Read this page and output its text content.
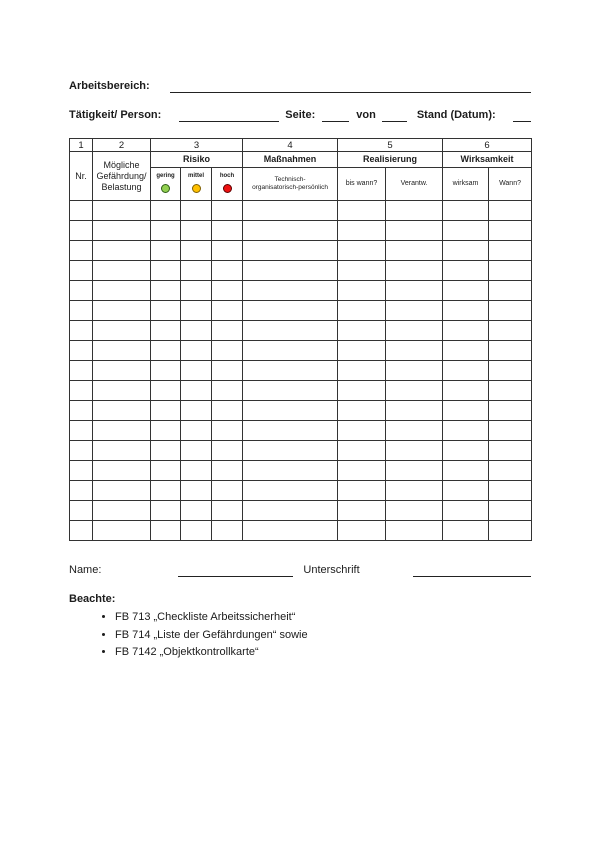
Arbeitsbereich:
Tätigkeit/ Person:	Seite:	von	Stand (Datum):
1	2	3			4	5		6	
Nr.	Mögliche Gefährdung/ Belastung	Risiko			Maßnahmen	Realisierung		Wirksamkeit	

		gering	mittel	hoch	Technisch-
organisatorisch-persönlich	bis wann?	Verantw.	wirksam	Wann?

Name:	Unterschrift
Beachte:
• FB 713 „Checkliste Arbeitssicherheit“
• FB 714 „Liste der Gefährdungen“ sowie
• FB 7142 „Objektkontrollkarte“
